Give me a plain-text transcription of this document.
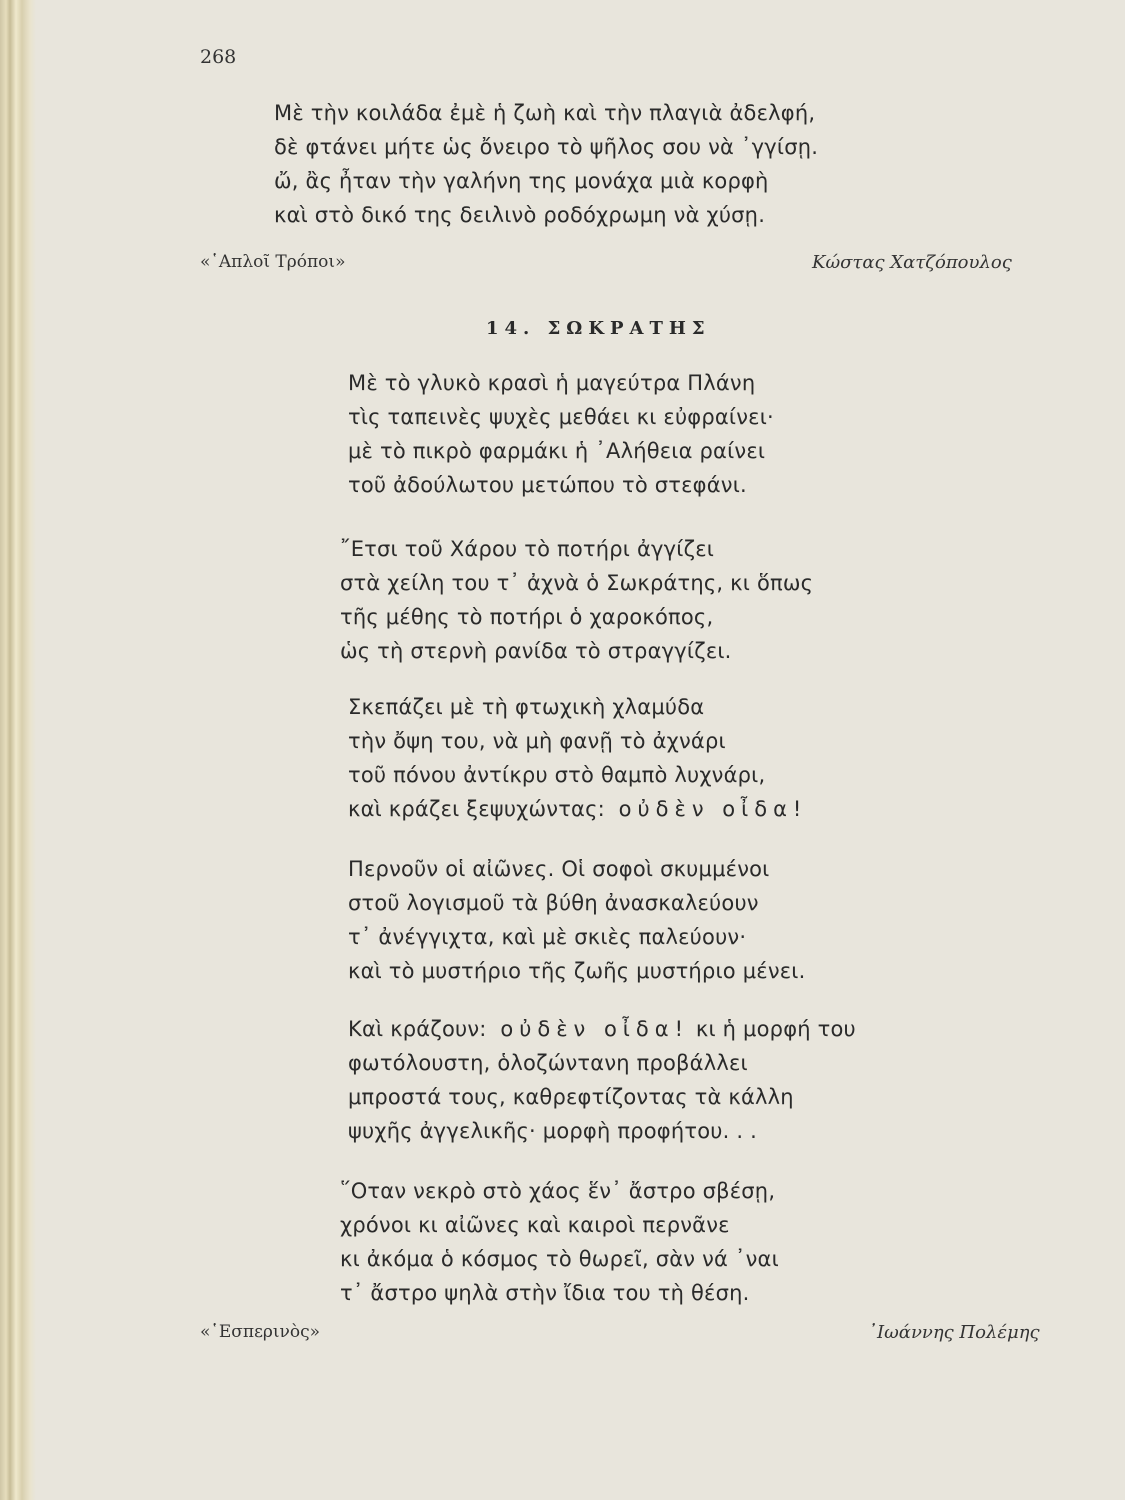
268
Μὲ τὴν κοιλάδα ἐμὲ ἡ ζωὴ καὶ τὴν πλαγιὰ ἀδελφή,
δὲ φτάνει μήτε ὡς ὄνειρο τὸ ψῆλος σου νὰ ᾿γγίσῃ.
ὤ, ἂς ἦταν τὴν γαλήνη της μονάχα μιὰ κορφὴ
καὶ στὸ δικό της δειλινὸ ροδόχρωμη νὰ χύσῃ.
«῾Απλοῖ Τρόποι»	Κώστας Χατζόπουλος
14. ΣΩΚΡΑΤΗΣ
Μὲ τὸ γλυκὸ κρασὶ ἡ μαγεύτρα Πλάνη
τὶς ταπεινὲς ψυχὲς μεθάει κι εὐφραίνει·
μὲ τὸ πικρὸ φαρμάκι ἡ ᾿Αλήθεια ραίνει
τοῦ ἀδούλωτου μετώπου τὸ στεφάνι.
῎Ετσι τοῦ Χάρου τὸ ποτήρι ἀγγίζει
στὰ χείλη του τ᾿ ἀχνὰ ὁ Σωκράτης, κι ὅπως
τῆς μέθης τὸ ποτήρι ὁ χαροκόπος,
ὡς τὴ στερνὴ ρανίδα τὸ στραγγίζει.
Σκεπάζει μὲ τὴ φτωχικὴ χλαμύδα
τὴν ὄψη του, νὰ μὴ φανῇ τὸ ἀχνάρι
τοῦ πόνου ἀντίκρυ στὸ θαμπὸ λυχνάρι,
καὶ κράζει ξεψυχώντας: οὐδὲν οἶδα!
Περνοῦν οἱ αἰῶνες. Οἱ σοφοὶ σκυμμένοι
στοῦ λογισμοῦ τὰ βύθη ἀνασκαλεύουν
τ᾿ ἀνέγγιχτα, καὶ μὲ σκιὲς παλεύουν·
καὶ τὸ μυστήριο τῆς ζωῆς μυστήριο μένει.
Καὶ κράζουν: οὐδὲν οἶδα! κι ἡ μορφή του
φωτόλουστη, ὁλοζώντανη προβάλλει
μπροστά τους, καθρεφτίζοντας τὰ κάλλη
ψυχῆς ἀγγελικῆς· μορφὴ προφήτου. . .
῞Οταν νεκρὸ στὸ χάος ἕν᾿ ἄστρο σβέσῃ,
χρόνοι κι αἰῶνες καὶ καιροὶ περνᾶνε
κι ἀκόμα ὁ κόσμος τὸ θωρεῖ, σὰν νά ᾿ναι
τ᾿ ἄστρο ψηλὰ στὴν ἴδια του τὴ θέση.
«῾Εσπερινὸς»	᾿Ιωάννης Πολέμης
